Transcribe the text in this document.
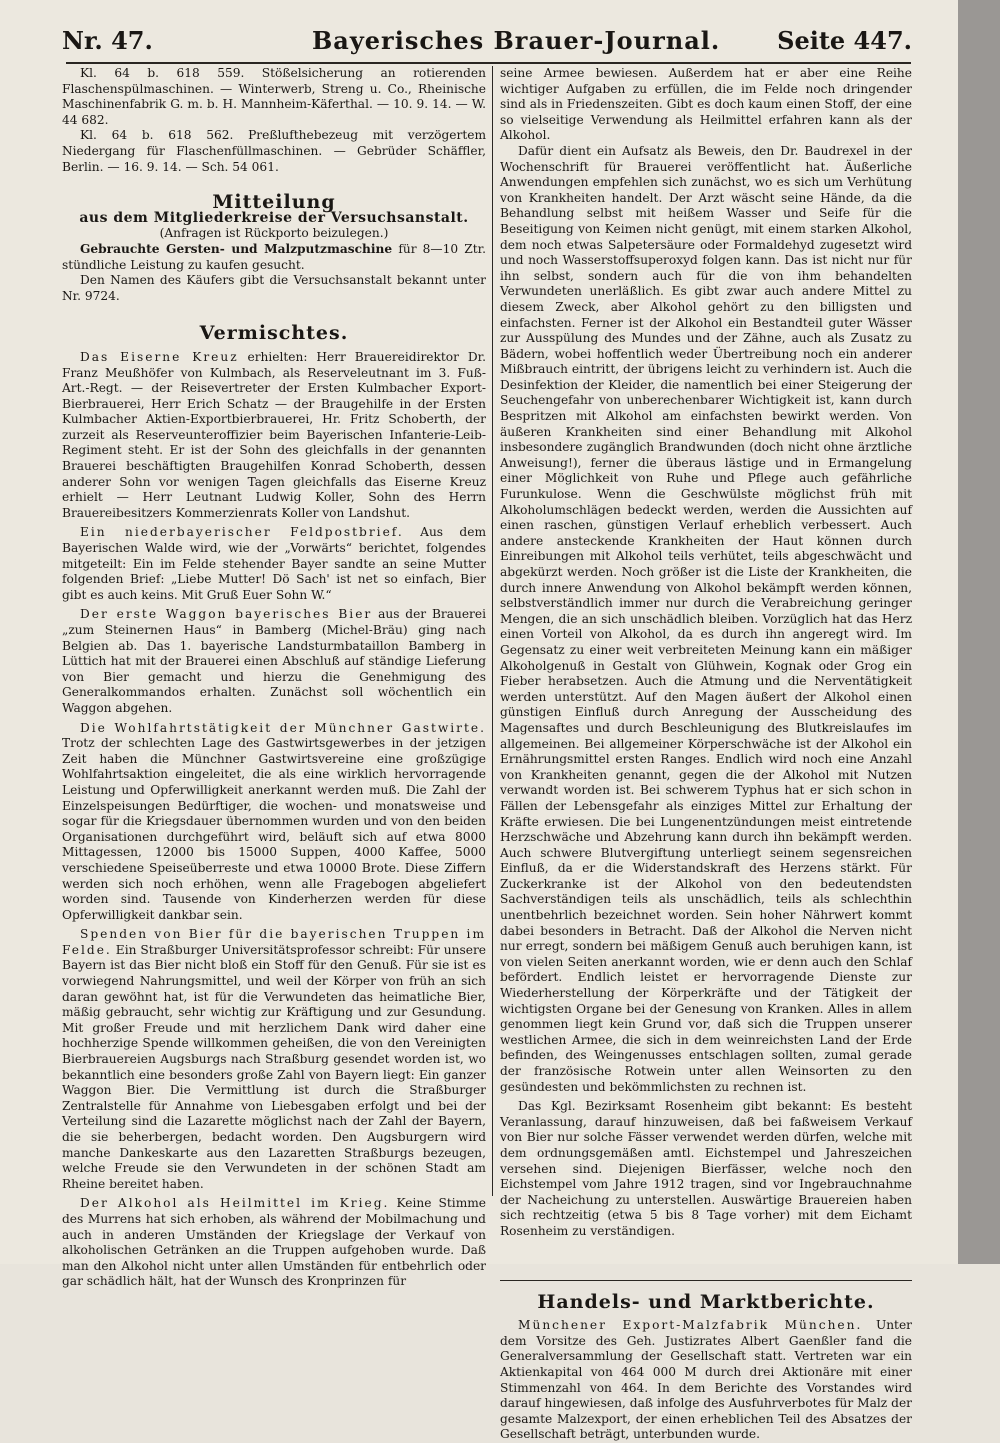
Nr. 47.	Bayerisches Brauer-Journal. Seite 447.

Kl. 64 b. 618 559. Stößelsicherung an rotierenden Flaschenspülmaschinen. — Winterwerb, Streng u. Co., Rheinische Maschinenfabrik G. m. b. H. Mannheim-Käferthal. — 10. 9. 14. — W. 44 682.

Kl. 64 b. 618 562. Preßlufthebezeug mit verzögertem Niedergang für Flaschenfüllmaschinen. — Gebrüder Schäffler, Berlin. — 16. 9. 14. — Sch. 54 061.

Mitteilung

aus dem Mitgliederkreise der Versuchsanstalt.

(Anfragen ist Rückporto beizulegen.)

Gebrauchte Gersten- und Malzputzmaschine für 8—10 Ztr. stündliche Leistung zu kaufen gesucht.

Den Namen des Käufers gibt die Versuchsanstalt bekannt unter Nr. 9724.

Vermischtes.

Das Eiserne Kreuz erhielten: Herr Brauereidirektor Dr. Franz Meußhöfer von Kulmbach, als Reserveleutnant im 3. Fuß-Art.-Regt. — der Reisevertreter der Ersten Kulmbacher Export-Bierbrauerei, Herr Erich Schatz — der Braugehilfe in der Ersten Kulmbacher Aktien-Exportbierbrauerei, Hr. Fritz Schoberth, der zurzeit als Reserveunteroffizier beim Bayerischen Infanterie-Leib-Regiment steht. Er ist der Sohn des gleichfalls in der genannten Brauerei beschäftigten Braugehilfen Konrad Schoberth, dessen anderer Sohn vor wenigen Tagen gleichfalls das Eiserne Kreuz erhielt — Herr Leutnant Ludwig Koller, Sohn des Herrn Brauereibesitzers Kommerzienrats Koller von Landshut.

Ein niederbayerischer Feldpostbrief. Aus dem Bayerischen Walde wird, wie der „Vorwärts“ berichtet, folgendes mitgeteilt: Ein im Felde stehender Bayer sandte an seine Mutter folgenden Brief: „Liebe Mutter! Dö Sach' ist net so einfach, Bier gibt es auch keins. Mit Gruß Euer Sohn W.“

Der erste Waggon bayerisches Bier aus der Brauerei „zum Steinernen Haus“ in Bamberg (Michel-Bräu) ging nach Belgien ab. Das 1. bayerische Landsturmbataillon Bamberg in Lüttich hat mit der Brauerei einen Abschluß auf ständige Lieferung von Bier gemacht und hierzu die Genehmigung des Generalkommandos erhalten. Zunächst soll wöchentlich ein Waggon abgehen.

Die Wohlfahrtstätigkeit der Münchner Gastwirte. Trotz der schlechten Lage des Gastwirtsgewerbes in der jetzigen Zeit haben die Münchner Gastwirtsvereine eine großzügige Wohlfahrtsaktion eingeleitet, die als eine wirklich hervorragende Leistung und Opferwilligkeit anerkannt werden muß. Die Zahl der Einzelspeisungen Bedürftiger, die wochen- und monatsweise und sogar für die Kriegsdauer übernommen wurden und von den beiden Organisationen durchgeführt wird, beläuft sich auf etwa 8000 Mittagessen, 12000 bis 15000 Suppen, 4000 Kaffee, 5000 verschiedene Speiseüberreste und etwa 10000 Brote. Diese Ziffern werden sich noch erhöhen, wenn alle Fragebogen abgeliefert worden sind. Tausende von Kinderherzen werden für diese Opferwilligkeit dankbar sein.

Spenden von Bier für die bayerischen Truppen im Felde. Ein Straßburger Universitätsprofessor schreibt: Für unsere Bayern ist das Bier nicht bloß ein Stoff für den Genuß. Für sie ist es vorwiegend Nahrungsmittel, und weil der Körper von früh an sich daran gewöhnt hat, ist für die Verwundeten das heimatliche Bier, mäßig gebraucht, sehr wichtig zur Kräftigung und zur Gesundung. Mit großer Freude und mit herzlichem Dank wird daher eine hochherzige Spende willkommen geheißen, die von den Vereinigten Bierbrauereien Augsburgs nach Straßburg gesendet worden ist, wo bekanntlich eine besonders große Zahl von Bayern liegt: Ein ganzer Waggon Bier. Die Vermittlung ist durch die Straßburger Zentralstelle für Annahme von Liebesgaben erfolgt und bei der Verteilung sind die Lazarette möglichst nach der Zahl der Bayern, die sie beherbergen, bedacht worden. Den Augsburgern wird manche Dankeskarte aus den Lazaretten Straßburgs bezeugen, welche Freude sie den Verwundeten in der schönen Stadt am Rheine bereitet haben.

Der Alkohol als Heilmittel im Krieg. Keine Stimme des Murrens hat sich erhoben, als während der Mobilmachung und auch in anderen Umständen der Kriegslage der Verkauf von alkoholischen Getränken an die Truppen aufgehoben wurde. Daß man den Alkohol nicht unter allen Umständen für entbehrlich oder gar schädlich hält, hat der Wunsch des Kronprinzen für

seine Armee bewiesen. Außerdem hat er aber eine Reihe wichtiger Aufgaben zu erfüllen, die im Felde noch dringender sind als in Friedenszeiten. Gibt es doch kaum einen Stoff, der eine so vielseitige Verwendung als Heilmittel erfahren kann als der Alkohol.

Dafür dient ein Aufsatz als Beweis, den Dr. Baudrexel in der Wochenschrift für Brauerei veröffentlicht hat. Äußerliche Anwendungen empfehlen sich zunächst, wo es sich um Verhütung von Krankheiten handelt. Der Arzt wäscht seine Hände, da die Behandlung selbst mit heißem Wasser und Seife für die Beseitigung von Keimen nicht genügt, mit einem starken Alkohol, dem noch etwas Salpetersäure oder Formaldehyd zugesetzt wird und noch Wasserstoffsuperoxyd folgen kann. Das ist nicht nur für ihn selbst, sondern auch für die von ihm behandelten Verwundeten unerläßlich. Es gibt zwar auch andere Mittel zu diesem Zweck, aber Alkohol gehört zu den billigsten und einfachsten. Ferner ist der Alkohol ein Bestandteil guter Wässer zur Ausspülung des Mundes und der Zähne, auch als Zusatz zu Bädern, wobei hoffentlich weder Übertreibung noch ein anderer Mißbrauch eintritt, der übrigens leicht zu verhindern ist. Auch die Desinfektion der Kleider, die namentlich bei einer Steigerung der Seuchengefahr von unberechenbarer Wichtigkeit ist, kann durch Bespritzen mit Alkohol am einfachsten bewirkt werden. Von äußeren Krankheiten sind einer Behandlung mit Alkohol insbesondere zugänglich Brandwunden (doch nicht ohne ärztliche Anweisung!), ferner die überaus lästige und in Ermangelung einer Möglichkeit von Ruhe und Pflege auch gefährliche Furunkulose. Wenn die Geschwülste möglichst früh mit Alkoholumschlägen bedeckt werden, werden die Aussichten auf einen raschen, günstigen Verlauf erheblich verbessert. Auch andere ansteckende Krankheiten der Haut können durch Einreibungen mit Alkohol teils verhütet, teils abgeschwächt und abgekürzt werden. Noch größer ist die Liste der Krankheiten, die durch innere Anwendung von Alkohol bekämpft werden können, selbstverständlich immer nur durch die Verabreichung geringer Mengen, die an sich unschädlich bleiben. Vorzüglich hat das Herz einen Vorteil von Alkohol, da es durch ihn angeregt wird. Im Gegensatz zu einer weit verbreiteten Meinung kann ein mäßiger Alkoholgenuß in Gestalt von Glühwein, Kognak oder Grog ein Fieber herabsetzen. Auch die Atmung und die Nerventätigkeit werden unterstützt. Auf den Magen äußert der Alkohol einen günstigen Einfluß durch Anregung der Ausscheidung des Magensaftes und durch Beschleunigung des Blutkreislaufes im allgemeinen. Bei allgemeiner Körperschwäche ist der Alkohol ein Ernährungsmittel ersten Ranges. Endlich wird noch eine Anzahl von Krankheiten genannt, gegen die der Alkohol mit Nutzen verwandt worden ist. Bei schwerem Typhus hat er sich schon in Fällen der Lebensgefahr als einziges Mittel zur Erhaltung der Kräfte erwiesen. Die bei Lungenentzündungen meist eintretende Herzschwäche und Abzehrung kann durch ihn bekämpft werden. Auch schwere Blutvergiftung unterliegt seinem segensreichen Einfluß, da er die Widerstandskraft des Herzens stärkt. Für Zuckerkranke ist der Alkohol von den bedeutendsten Sachverständigen teils als unschädlich, teils als schlechthin unentbehrlich bezeichnet worden. Sein hoher Nährwert kommt dabei besonders in Betracht. Daß der Alkohol die Nerven nicht nur erregt, sondern bei mäßigem Genuß auch beruhigen kann, ist von vielen Seiten anerkannt worden, wie er denn auch den Schlaf befördert. Endlich leistet er hervorragende Dienste zur Wiederherstellung der Körperkräfte und der Tätigkeit der wichtigsten Organe bei der Genesung von Kranken. Alles in allem genommen liegt kein Grund vor, daß sich die Truppen unserer westlichen Armee, die sich in dem weinreichsten Land der Erde befinden, des Weingenusses entschlagen sollten, zumal gerade der französische Rotwein unter allen Weinsorten zu den gesündesten und bekömmlichsten zu rechnen ist.

Das Kgl. Bezirksamt Rosenheim gibt bekannt: Es besteht Veranlassung, darauf hinzuweisen, daß bei faßweisem Verkauf von Bier nur solche Fässer verwendet werden dürfen, welche mit dem ordnungsgemäßen amtl. Eichstempel und Jahreszeichen versehen sind. Diejenigen Bierfässer, welche noch den Eichstempel vom Jahre 1912 tragen, sind vor Ingebrauchnahme der Nacheichung zu unterstellen. Auswärtige Brauereien haben sich rechtzeitig (etwa 5 bis 8 Tage vorher) mit dem Eichamt Rosenheim zu verständigen.

Handels- und Marktberichte.

Münchener Export-Malzfabrik München. Unter dem Vorsitze des Geh. Justizrates Albert Gaenßler fand die Generalversammlung der Gesellschaft statt. Vertreten war ein Aktienkapital von 464 000 M durch drei Aktionäre mit einer Stimmenzahl von 464. In dem Berichte des Vorstandes wird darauf hingewiesen, daß infolge des Ausfuhrverbotes für Malz der gesamte Malzexport, der einen erheblichen Teil des Absatzes der Gesellschaft beträgt, unterbunden wurde.
